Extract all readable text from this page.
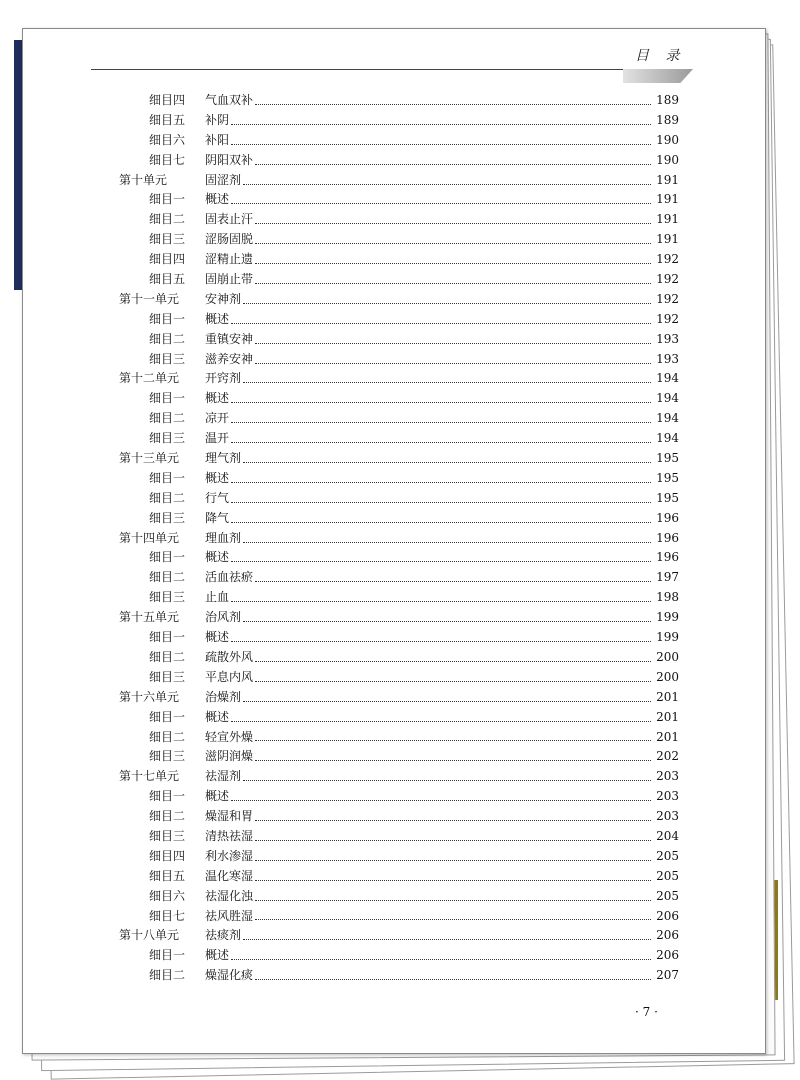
目 录
细目四	气血双补	189
细目五	补阴	189
细目六	补阳	190
细目七	阴阳双补	190
第十单元	固涩剂	191
细目一	概述	191
细目二	固表止汗	191
细目三	涩肠固脱	191
细目四	涩精止遗	192
细目五	固崩止带	192
第十一单元	安神剂	192
细目一	概述	192
细目二	重镇安神	193
细目三	滋养安神	193
第十二单元	开窍剂	194
细目一	概述	194
细目二	凉开	194
细目三	温开	194
第十三单元	理气剂	195
细目一	概述	195
细目二	行气	195
细目三	降气	196
第十四单元	理血剂	196
细目一	概述	196
细目二	活血祛瘀	197
细目三	止血	198
第十五单元	治风剂	199
细目一	概述	199
细目二	疏散外风	200
细目三	平息内风	200
第十六单元	治燥剂	201
细目一	概述	201
细目二	轻宣外燥	201
细目三	滋阴润燥	202
第十七单元	祛湿剂	203
细目一	概述	203
细目二	燥湿和胃	203
细目三	清热祛湿	204
细目四	利水渗湿	205
细目五	温化寒湿	205
细目六	祛湿化浊	205
细目七	祛风胜湿	206
第十八单元	祛痰剂	206
细目一	概述	206
细目二	燥湿化痰	207
· 7 ·
